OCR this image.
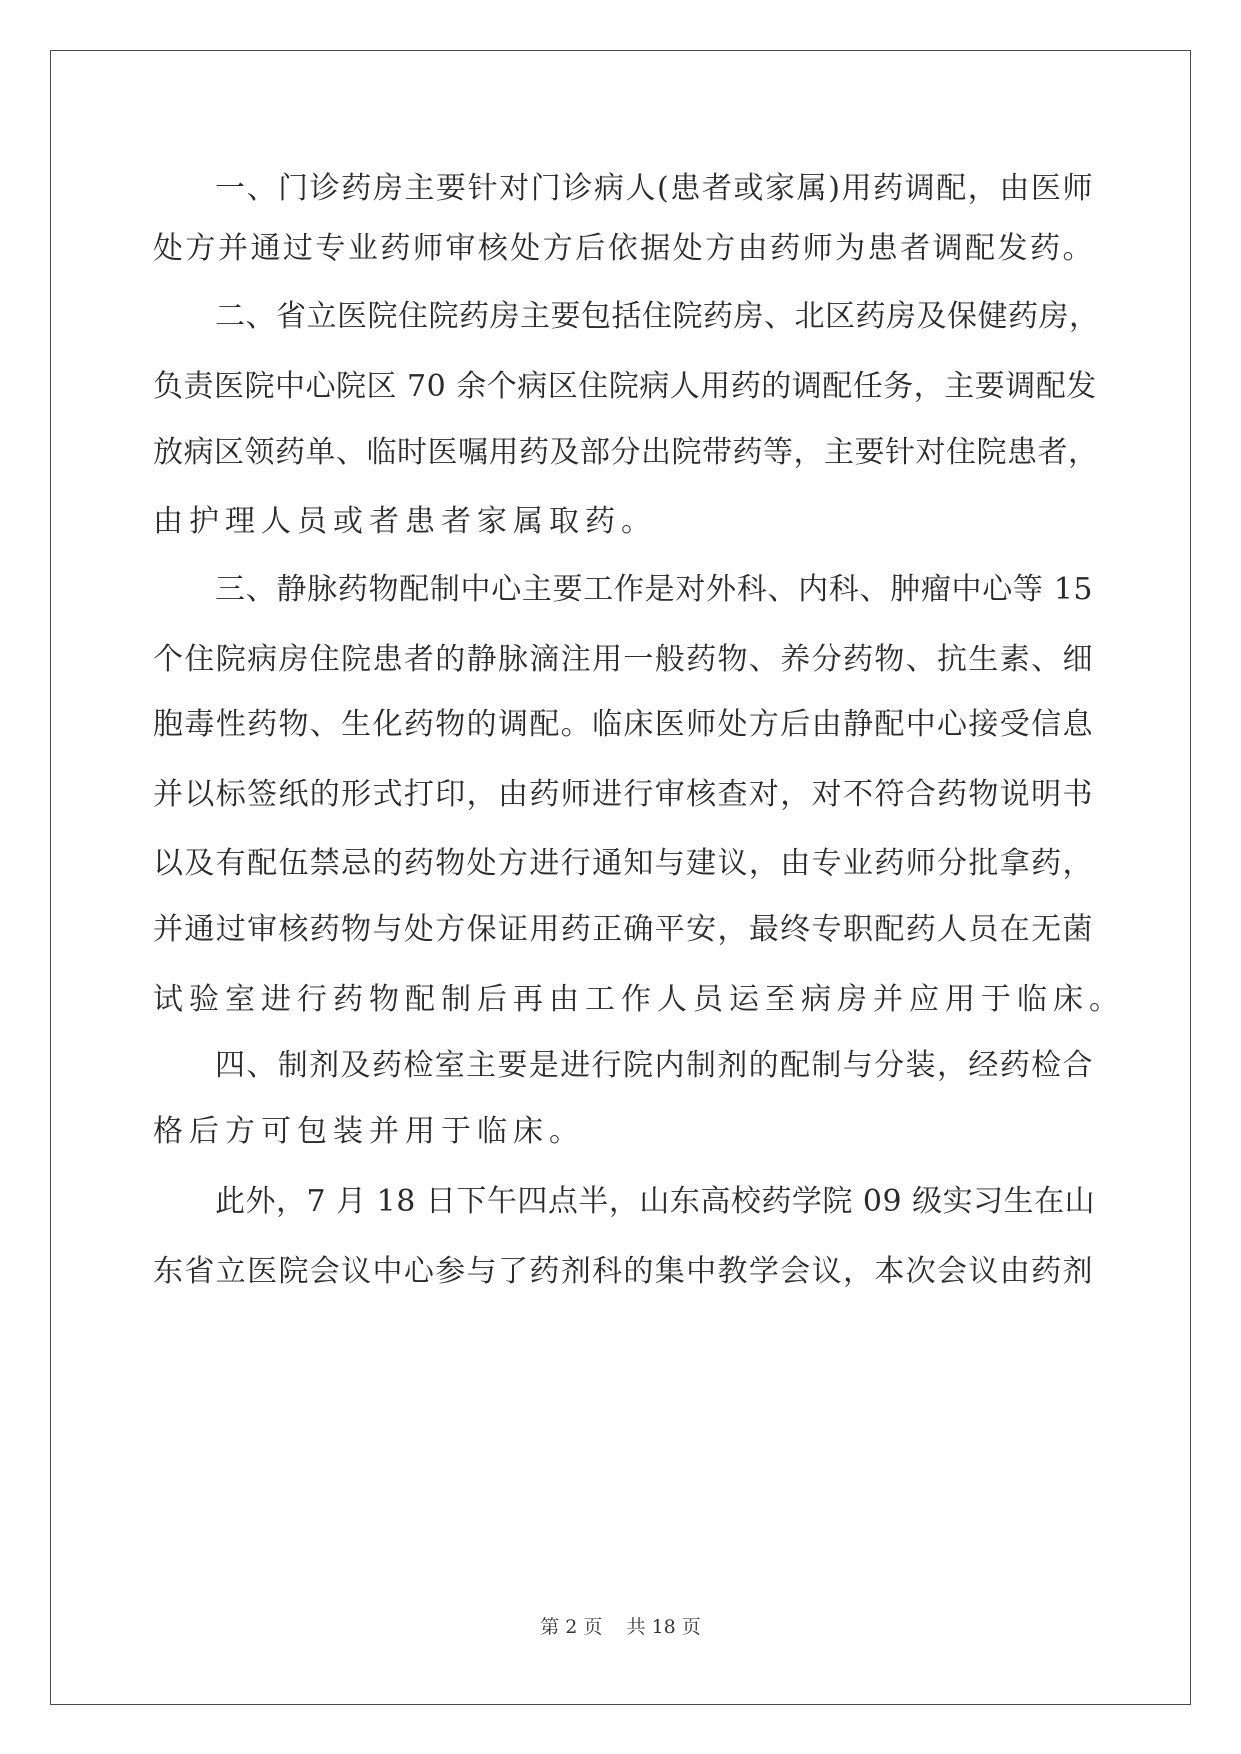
一、门诊药房主要针对门诊病人(患者或家属)用药调配，由医师
处方并通过专业药师审核处方后依据处方由药师为患者调配发药。
二、省立医院住院药房主要包括住院药房、北区药房及保健药房，
负责医院中心院区 70 余个病区住院病人用药的调配任务，主要调配发
放病区领药单、临时医嘱用药及部分出院带药等，主要针对住院患者，
由护理人员或者患者家属取药。
三、静脉药物配制中心主要工作是对外科、内科、肿瘤中心等 15
个住院病房住院患者的静脉滴注用一般药物、养分药物、抗生素、细
胞毒性药物、生化药物的调配。临床医师处方后由静配中心接受信息
并以标签纸的形式打印，由药师进行审核查对，对不符合药物说明书
以及有配伍禁忌的药物处方进行通知与建议，由专业药师分批拿药，
并通过审核药物与处方保证用药正确平安，最终专职配药人员在无菌
试验室进行药物配制后再由工作人员运至病房并应用于临床。
四、制剂及药检室主要是进行院内制剂的配制与分装，经药检合
格后方可包装并用于临床。
此外，7 月 18 日下午四点半，山东高校药学院 09 级实习生在山
东省立医院会议中心参与了药剂科的集中教学会议，本次会议由药剂
第 2 页 共 18 页
